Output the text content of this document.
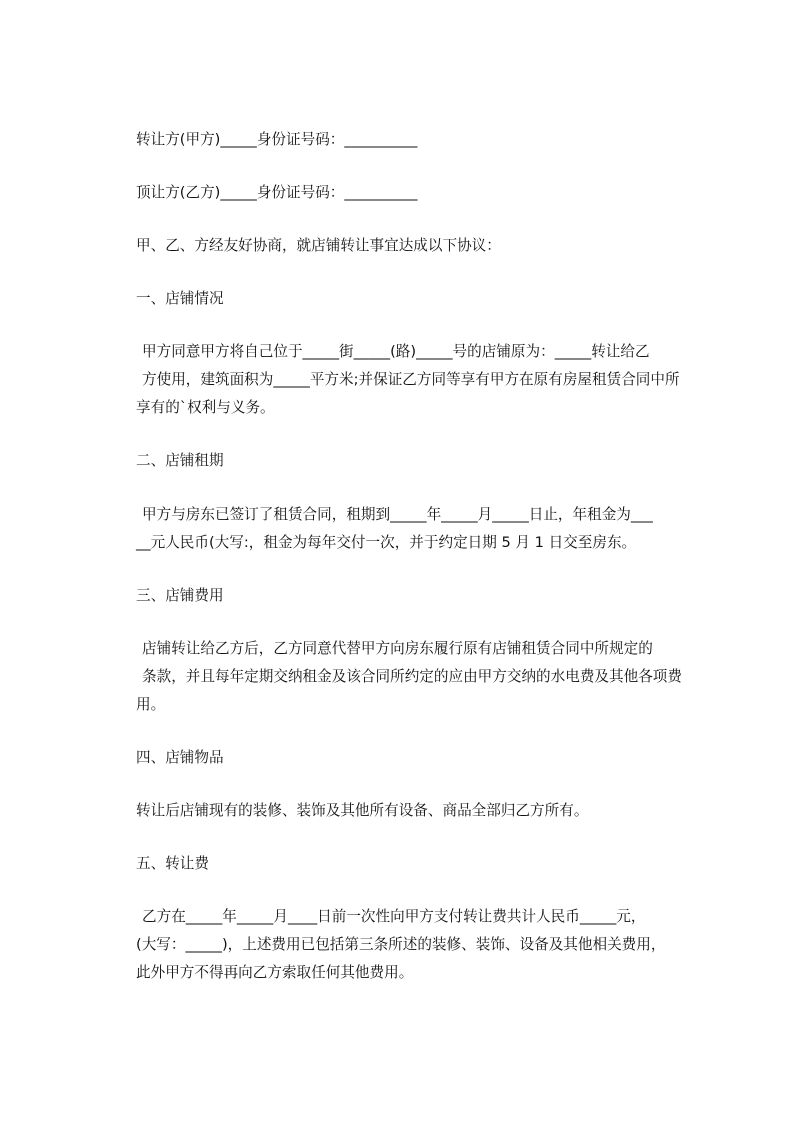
转让方(甲方)_____身份证号码：__________
顶让方(乙方)_____身份证号码：__________
甲、乙、方经友好协商，就店铺转让事宜达成以下协议：
一、店铺情况
甲方同意甲方将自己位于_____街_____(路)_____号的店铺原为：_____转让给乙
方使用，建筑面积为_____平方米;并保证乙方同等享有甲方在原有房屋租赁合同中所
享有的`权利与义务。
二、店铺租期
甲方与房东已签订了租赁合同，租期到_____年_____月_____日止，年租金为___
__元人民币(大写:，租金为每年交付一次，并于约定日期 5 月 1 日交至房东。
三、店铺费用
店铺转让给乙方后，乙方同意代替甲方向房东履行原有店铺租赁合同中所规定的
条款，并且每年定期交纳租金及该合同所约定的应由甲方交纳的水电费及其他各项费
用。
四、店铺物品
转让后店铺现有的装修、装饰及其他所有设备、商品全部归乙方所有。
五、转让费
乙方在_____年_____月____日前一次性向甲方支付转让费共计人民币_____元，
(大写：_____)，上述费用已包括第三条所述的装修、装饰、设备及其他相关费用，
此外甲方不得再向乙方索取任何其他费用。
